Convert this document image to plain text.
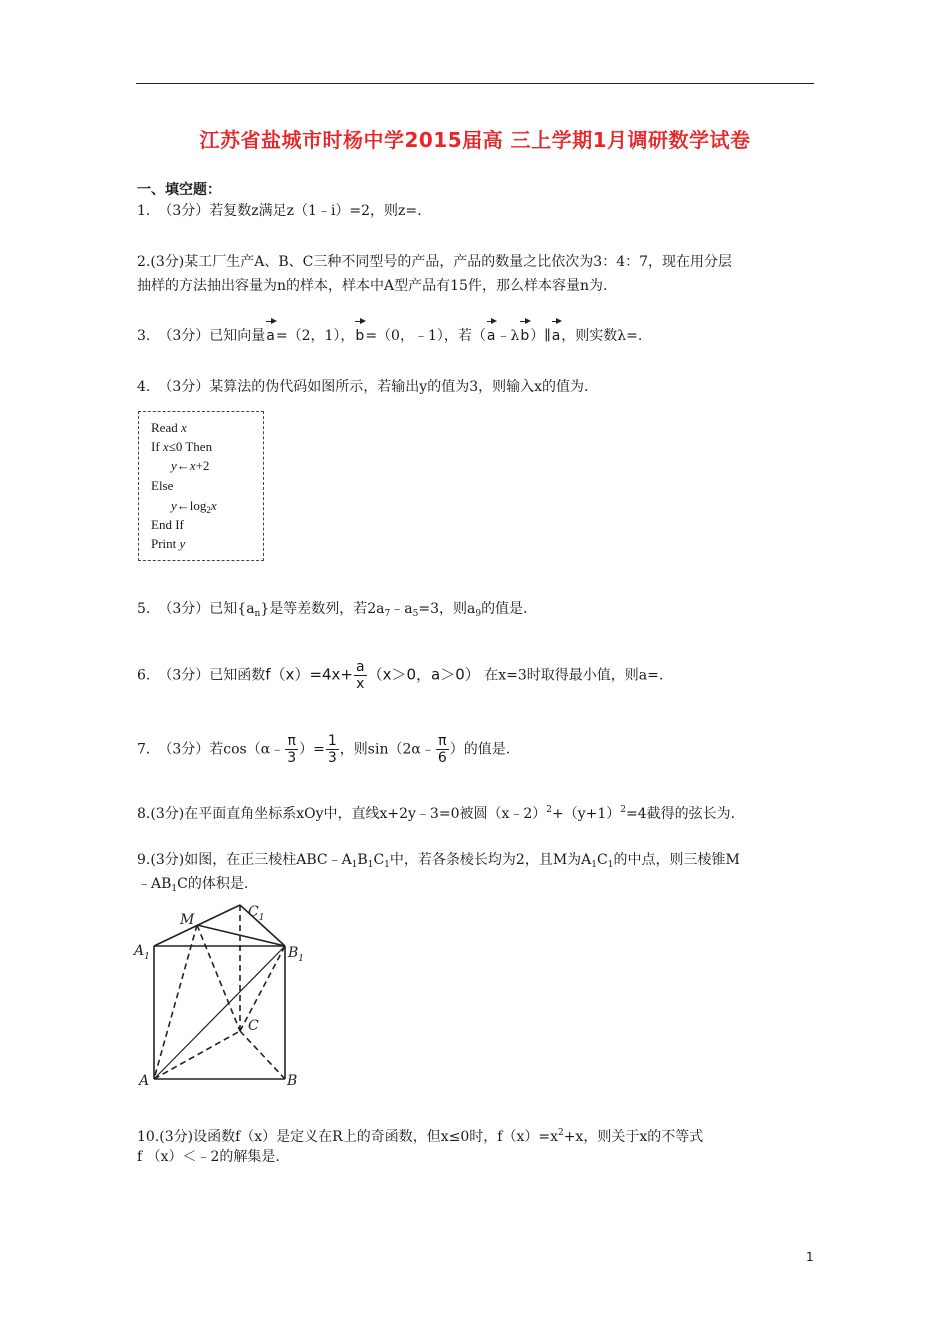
江苏省盐城市时杨中学2015届高 三上学期1月调研数学试卷
一、填空题：
1. （3分）若复数z满足z（1﹣i）=2，则z=.
2.(3分)某工厂生产A、B、C三种不同型号的产品，产品的数量之比依次为3：4：7，现在用分层
抽样的方法抽出容量为n的样本，样本中A型产品有15件，那么样本容量n为.
3. （3分）已知向量a=（2，1），b=（0，﹣1），若（a﹣λb）∥a，则实数λ=.
4. （3分）某算法的伪代码如图所示，若输出y的值为3，则输入x的值为.
Read x
If x≤0 Then
y←x+2
Else
$y\leftarrow\log_2x$
End If
Print y
5. （3分）已知$\{a_n\}$是等差数列，若$2a_7﹣a_5=3$，则$a_9$的值是.
6. （3分）已知函数$f(x)=4x+ \frac{a}{x} (x>0$，a＞0） 在x=3时取得最小值，则a=.
7. （3分）若cos（α﹣ $\frac{\pi}{3}$ ）= $\frac{1}{3}$ ，则sin（2α﹣ $\frac{\pi}{6}$ ）的值是.
8.(3分)在平面直角坐标系xOy中，直线x+2y﹣3=0被圆$(x﹣2)^2+(y+1)^2=4$截得的弦长为.
9.(3分)如图，在正三棱柱$ABC﹣A_1B_1C_1$中，若各条棱长均为2，且M为$A_1C_1$的中点，则三棱锥M
$﹣AB_1C$的体积是.
M	$C_1$
$A_1$	$B_1$
C
A	B
10.(3分)设函数f（x）是定义在R上的奇函数，但x≤0时，$f(x)=x^2+x$，则关于x的不等式
f （x）＜﹣2的解集是.
1
